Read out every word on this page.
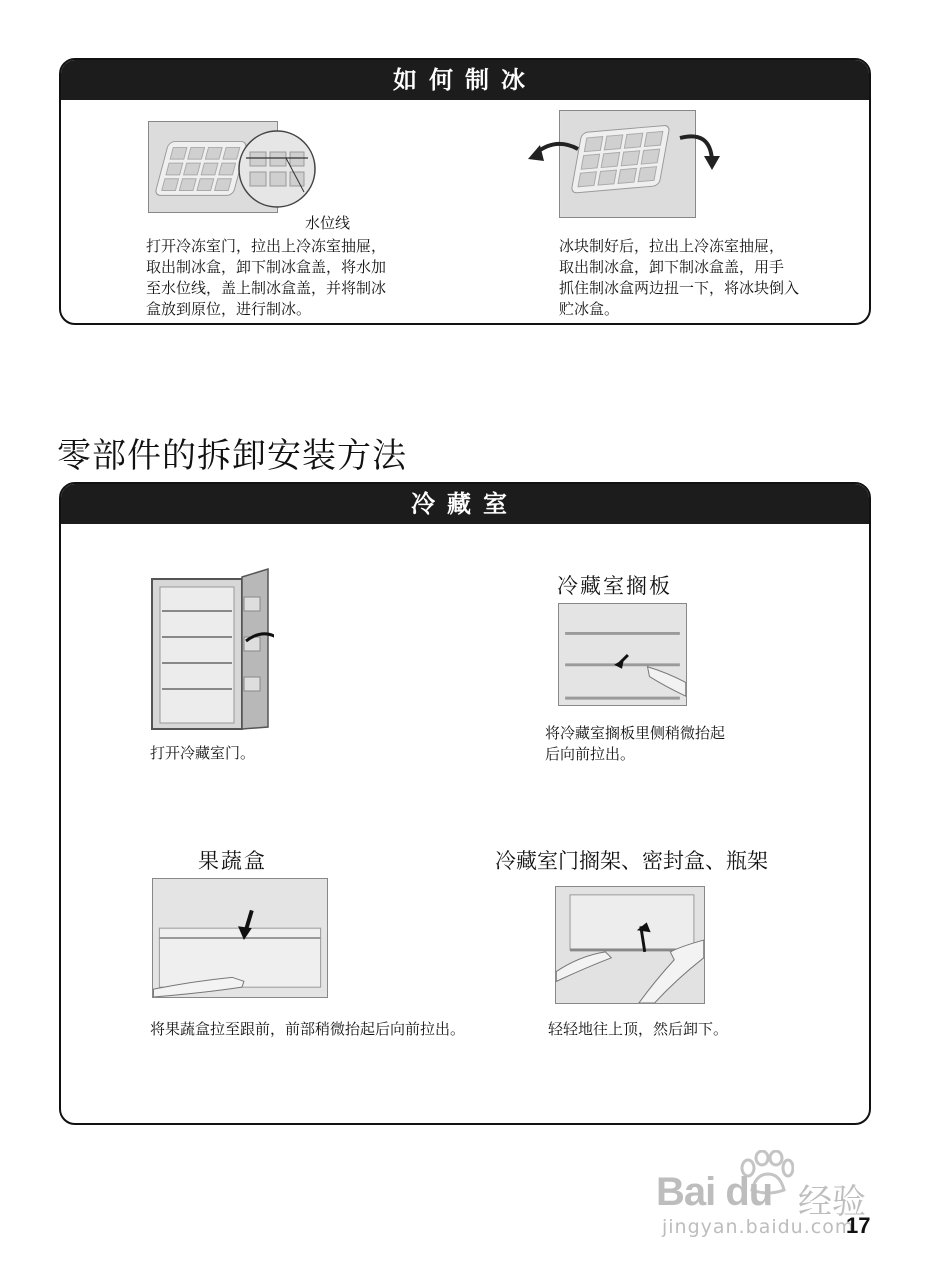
如何制冰
水位线
打开冷冻室门，拉出上冷冻室抽屉，
取出制冰盒，卸下制冰盒盖，将水加
至水位线，盖上制冰盒盖，并将制冰
盒放到原位，进行制冰。
冰块制好后，拉出上冷冻室抽屉，
取出制冰盒，卸下制冰盒盖，用手
抓住制冰盒两边扭一下，将冰块倒入
贮冰盒。
零部件的拆卸安装方法
冷藏室
打开冷藏室门。
冷藏室搁板
将冷藏室搁板里侧稍微抬起
后向前拉出。
果蔬盒
将果蔬盒拉至跟前，前部稍微抬起后向前拉出。
冷藏室门搁架、密封盒、瓶架
轻轻地往上顶，然后卸下。
Bai du 经验
jingyan.baidu.com
17
